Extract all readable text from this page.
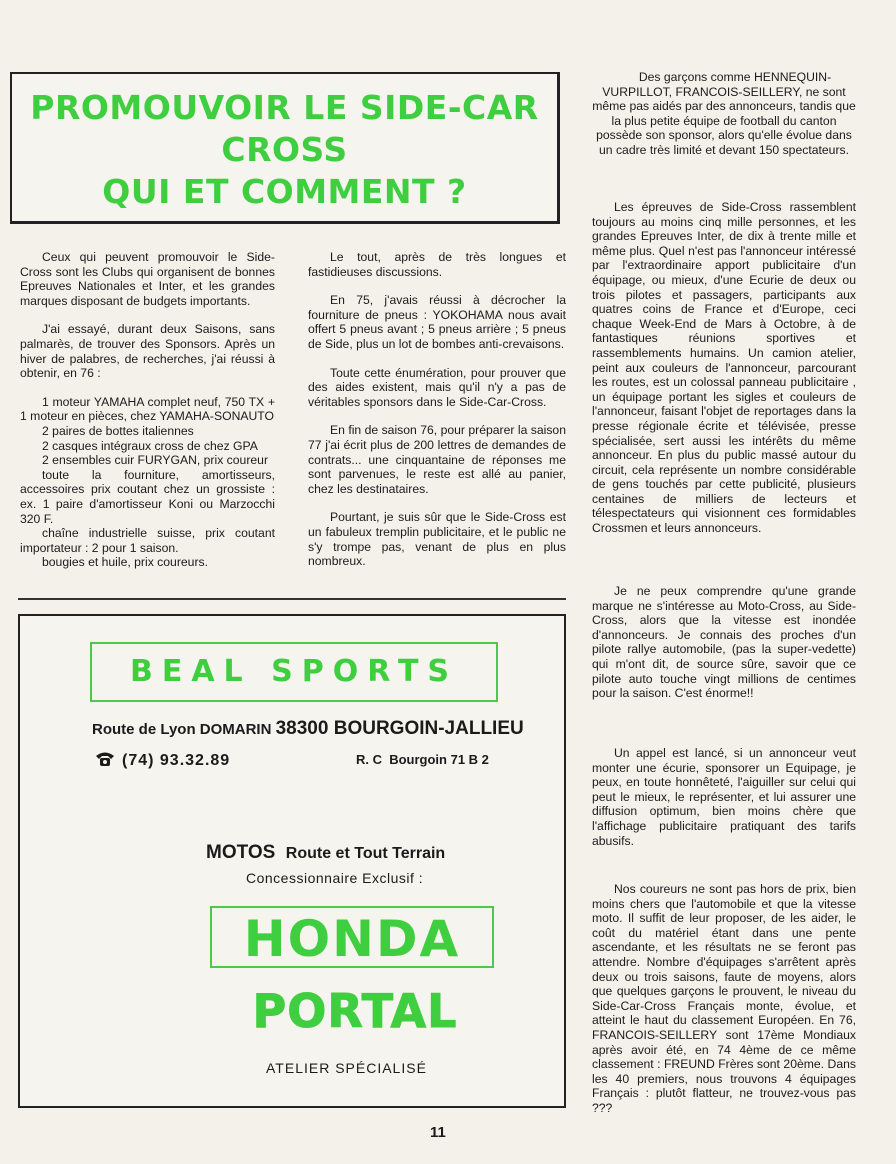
PROMOUVOIR LE SIDE-CAR

CROSS

QUI ET COMMENT ?

Ceux qui peuvent promouvoir le Side-Cross sont les Clubs qui organisent de bonnes Epreuves Nationales et Inter, et les grandes marques disposant de budgets importants.

J'ai essayé, durant deux Saisons, sans palmarès, de trouver des Sponsors. Après un hiver de palabres, de recherches, j'ai réussi à obtenir, en 76 :

1 moteur YAMAHA complet neuf, 750 TX + 1 moteur en pièces, chez YAMAHA-SONAUTO

2 paires de bottes italiennes

2 casques intégraux cross de chez GPA

2 ensembles cuir FURYGAN, prix coureur

toute la fourniture, amortisseurs, accessoires prix coutant chez un grossiste : ex. 1 paire d'amortisseur Koni ou Marzocchi 320 F.

chaîne industrielle suisse, prix coutant importateur : 2 pour 1 saison.

bougies et huile, prix coureurs.

Le tout, après de très longues et fastidieuses discussions.

En 75, j'avais réussi à décrocher la fourniture de pneus : YOKOHAMA nous avait offert 5 pneus avant ; 5 pneus arrière ; 5 pneus de Side, plus un lot de bombes anti-crevaisons.

Toute cette énumération, pour prouver que des aides existent, mais qu'il n'y a pas de véritables sponsors dans le Side-Car-Cross.

En fin de saison 76, pour préparer la saison 77 j'ai écrit plus de 200 lettres de demandes de contrats... une cinquantaine de réponses me sont parvenues, le reste est allé au panier, chez les destinataires.

Pourtant, je suis sûr que le Side-Cross est un fabuleux tremplin publicitaire, et le public ne s'y trompe pas, venant de plus en plus nombreux.

Des garçons comme HENNEQUIN-VURPILLOT, FRANCOIS-SEILLERY, ne sont même pas aidés par des annonceurs, tandis que la plus petite équipe de football du canton possède son sponsor, alors qu'elle évolue dans un cadre très limité et devant 150 spectateurs.

Les épreuves de Side-Cross rassemblent toujours au moins cinq mille personnes, et les grandes Epreuves Inter, de dix à trente mille et même plus. Quel n'est pas l'annonceur intéressé par l'extraordinaire apport publicitaire d'un équipage, ou mieux, d'une Ecurie de deux ou trois pilotes et passagers, participants aux quatres coins de France et d'Europe, ceci chaque Week-End de Mars à Octobre, à de fantastiques réunions sportives et rassemblements humains. Un camion atelier, peint aux couleurs de l'annonceur, parcourant les routes, est un colossal panneau publicitaire , un équipage portant les sigles et couleurs de l'annonceur, faisant l'objet de reportages dans la presse régionale écrite et télévisée, presse spécialisée, sert aussi les intérêts du même annonceur. En plus du public massé autour du circuit, cela représente un nombre considérable de gens touchés par cette publicité, plusieurs centaines de milliers de lecteurs et télespectateurs qui visionnent ces formidables Crossmen et leurs annonceurs.

Je ne peux comprendre qu'une grande marque ne s'intéresse au Moto-Cross, au Side-Cross, alors que la vitesse est inondée d'annonceurs. Je connais des proches d'un pilote rallye automobile, (pas la super-vedette) qui m'ont dit, de source sûre, savoir que ce pilote auto touche vingt millions de centimes pour la saison. C'est énorme!!

Un appel est lancé, si un annonceur veut monter une écurie, sponsorer un Equipage, je peux, en toute honnêteté, l'aiguiller sur celui qui peut le mieux, le représenter, et lui assurer une diffusion optimum, bien moins chère que l'affichage publicitaire pratiquant des tarifs abusifs.

Nos coureurs ne sont pas hors de prix, bien moins chers que l'automobile et que la vitesse moto. Il suffit de leur proposer, de les aider, le coût du matériel étant dans une pente ascendante, et les résultats ne se feront pas attendre. Nombre d'équipages s'arrêtent après deux ou trois saisons, faute de moyens, alors que quelques garçons le prouvent, le niveau du Side-Car-Cross Français monte, évolue, et atteint le haut du classement Européen. En 76, FRANCOIS-SEILLERY sont 17ème Mondiaux après avoir été, en 74 4ème de ce même classement : FREUND Frères sont 20ème. Dans les 40 premiers, nous trouvons 4 équipages Français : plutôt flatteur, ne trouvez-vous pas ???

BEAL SPORTS
Route de Lyon DOMARIN 38300 BOURGOIN-JALLIEU
(74) 93.32.89	R. C  Bourgoin 71 B 2
MOTOS Route et Tout Terrain
Concessionnaire Exclusif :
HONDA
PORTAL
ATELIER SPÉCIALISÉ
11
